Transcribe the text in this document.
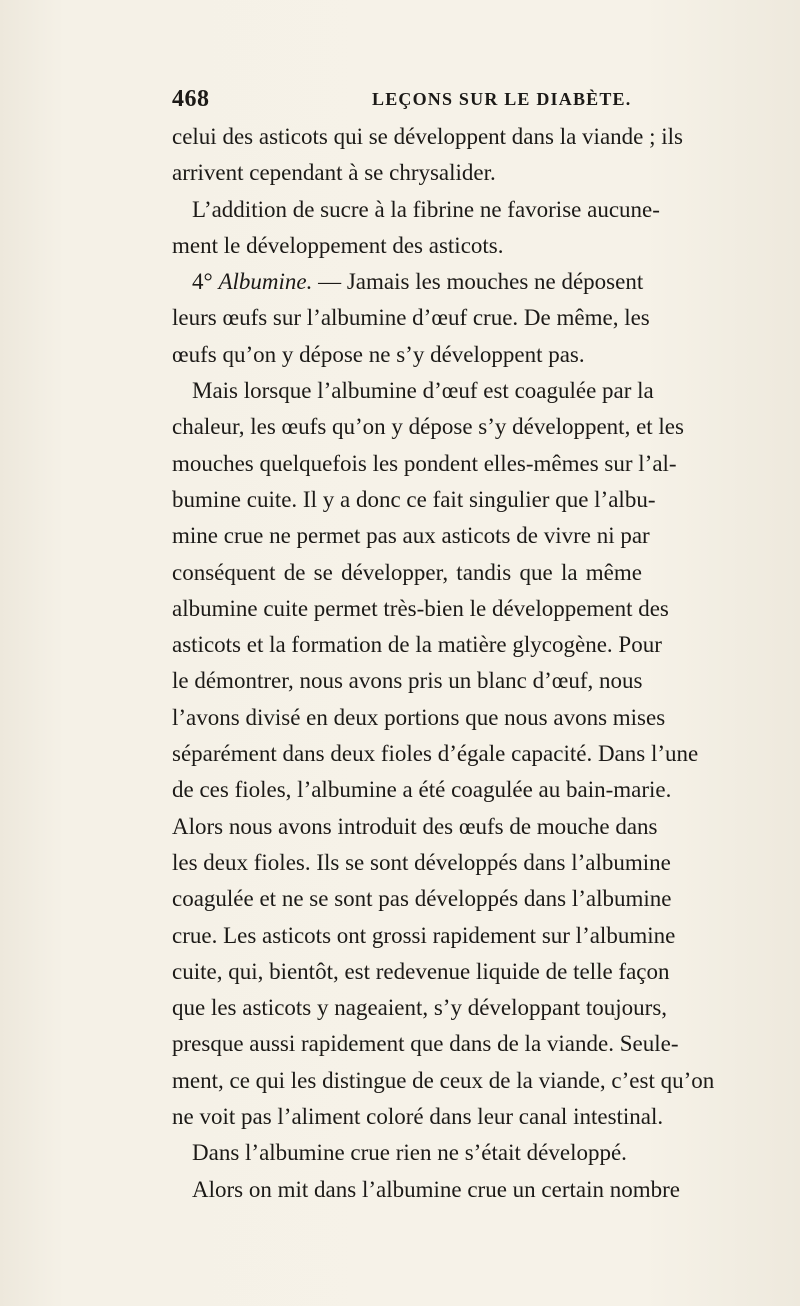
468	LEÇONS SUR LE DIABÈTE.
celui des asticots qui se développent dans la viande ; ils
arrivent cependant à se chrysalider.
L’addition de sucre à la fibrine ne favorise aucune-
ment le développement des asticots.
4° Albumine. — Jamais les mouches ne déposent
leurs œufs sur l’albumine d’œuf crue. De même, les
œufs qu’on y dépose ne s’y développent pas.
Mais lorsque l’albumine d’œuf est coagulée par la
chaleur, les œufs qu’on y dépose s’y développent, et les
mouches quelquefois les pondent elles-mêmes sur l’al-
bumine cuite. Il y a donc ce fait singulier que l’albu-
mine crue ne permet pas aux asticots de vivre ni par
conséquent de se développer, tandis que la même
albumine cuite permet très-bien le développement des
asticots et la formation de la matière glycogène. Pour
le démontrer, nous avons pris un blanc d’œuf, nous
l’avons divisé en deux portions que nous avons mises
séparément dans deux fioles d’égale capacité. Dans l’une
de ces fioles, l’albumine a été coagulée au bain-marie.
Alors nous avons introduit des œufs de mouche dans
les deux fioles. Ils se sont développés dans l’albumine
coagulée et ne se sont pas développés dans l’albumine
crue. Les asticots ont grossi rapidement sur l’albumine
cuite, qui, bientôt, est redevenue liquide de telle façon
que les asticots y nageaient, s’y développant toujours,
presque aussi rapidement que dans de la viande. Seule-
ment, ce qui les distingue de ceux de la viande, c’est qu’on
ne voit pas l’aliment coloré dans leur canal intestinal.
Dans l’albumine crue rien ne s’était développé.
Alors on mit dans l’albumine crue un certain nombre
